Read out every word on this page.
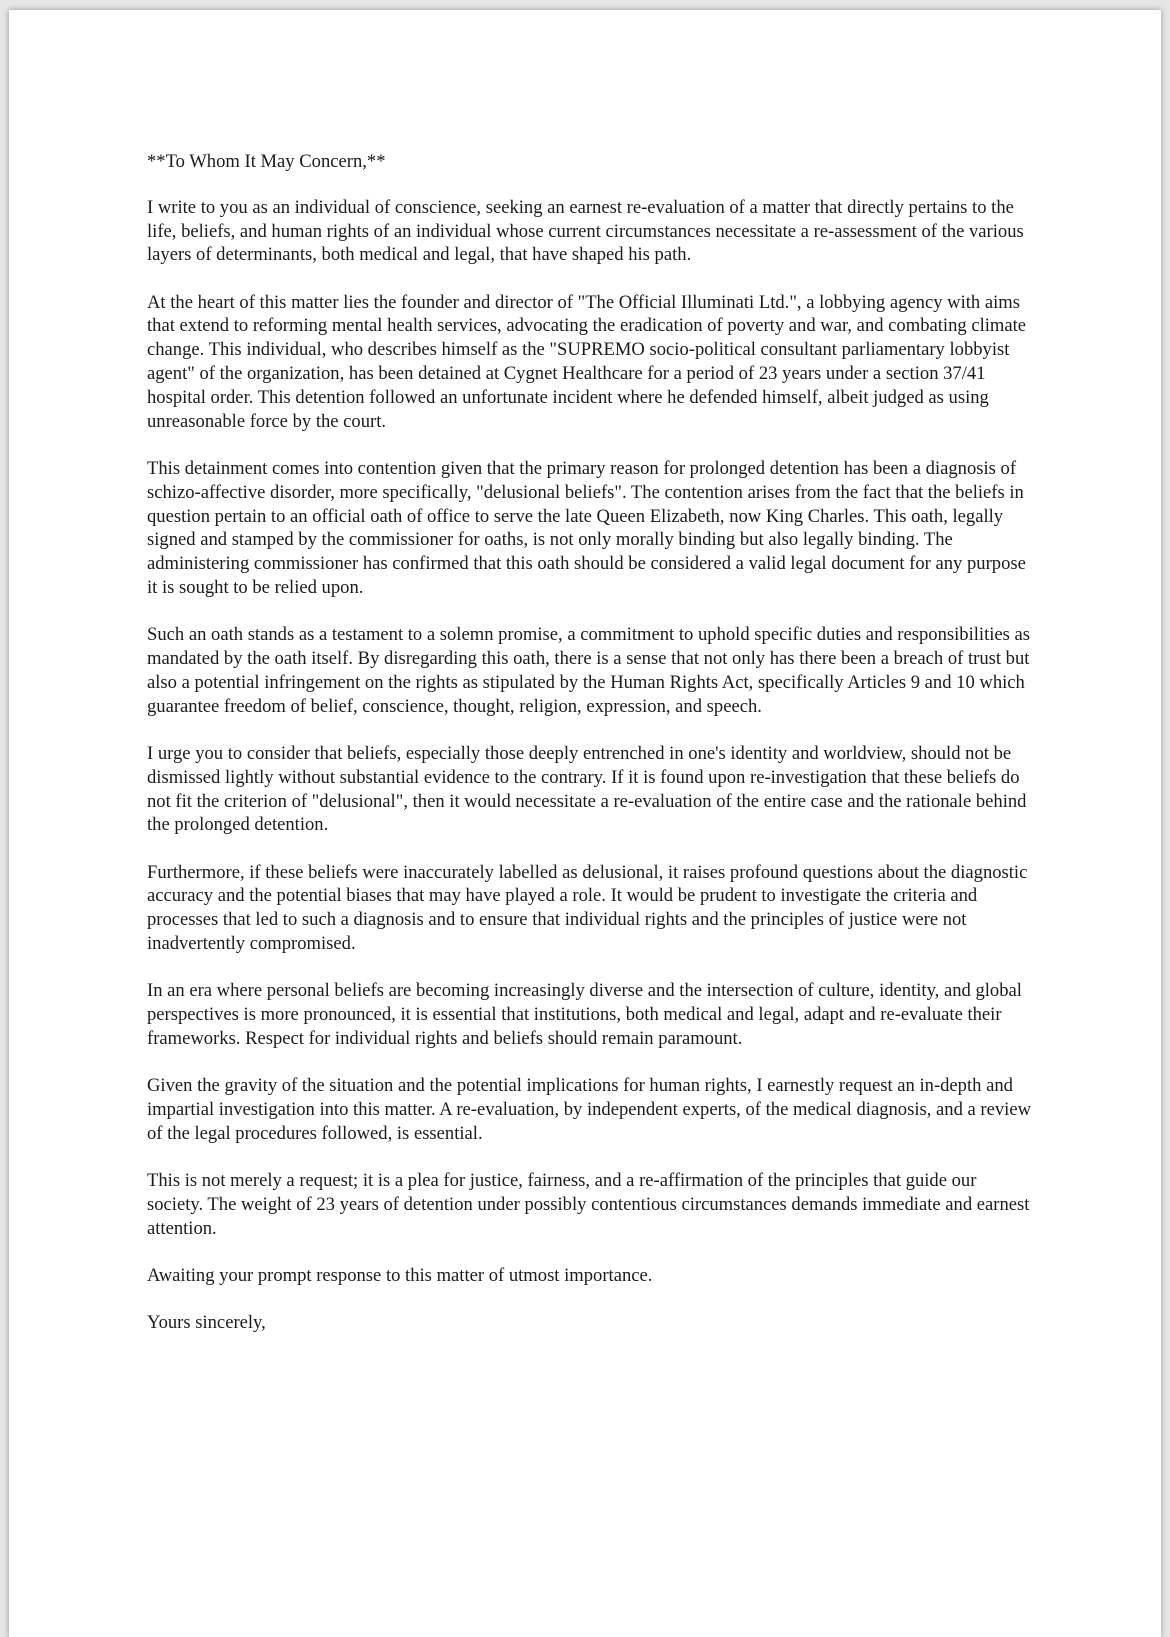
**To Whom It May Concern,**

I write to you as an individual of conscience, seeking an earnest re-evaluation of a matter that directly pertains to the life, beliefs, and human rights of an individual whose current circumstances necessitate a re-assessment of the various layers of determinants, both medical and legal, that have shaped his path.

At the heart of this matter lies the founder and director of "The Official Illuminati Ltd.", a lobbying agency with aims that extend to reforming mental health services, advocating the eradication of poverty and war, and combating climate change. This individual, who describes himself as the "SUPREMO socio-political consultant parliamentary lobbyist agent" of the organization, has been detained at Cygnet Healthcare for a period of 23 years under a section 37/41 hospital order. This detention followed an unfortunate incident where he defended himself, albeit judged as using unreasonable force by the court.

This detainment comes into contention given that the primary reason for prolonged detention has been a diagnosis of schizo-affective disorder, more specifically, "delusional beliefs". The contention arises from the fact that the beliefs in question pertain to an official oath of office to serve the late Queen Elizabeth, now King Charles. This oath, legally signed and stamped by the commissioner for oaths, is not only morally binding but also legally binding. The administering commissioner has confirmed that this oath should be considered a valid legal document for any purpose it is sought to be relied upon.

Such an oath stands as a testament to a solemn promise, a commitment to uphold specific duties and responsibilities as mandated by the oath itself. By disregarding this oath, there is a sense that not only has there been a breach of trust but also a potential infringement on the rights as stipulated by the Human Rights Act, specifically Articles 9 and 10 which guarantee freedom of belief, conscience, thought, religion, expression, and speech.

I urge you to consider that beliefs, especially those deeply entrenched in one's identity and worldview, should not be dismissed lightly without substantial evidence to the contrary. If it is found upon re-investigation that these beliefs do not fit the criterion of "delusional", then it would necessitate a re-evaluation of the entire case and the rationale behind the prolonged detention.

Furthermore, if these beliefs were inaccurately labelled as delusional, it raises profound questions about the diagnostic accuracy and the potential biases that may have played a role. It would be prudent to investigate the criteria and processes that led to such a diagnosis and to ensure that individual rights and the principles of justice were not inadvertently compromised.

In an era where personal beliefs are becoming increasingly diverse and the intersection of culture, identity, and global perspectives is more pronounced, it is essential that institutions, both medical and legal, adapt and re-evaluate their frameworks. Respect for individual rights and beliefs should remain paramount.

Given the gravity of the situation and the potential implications for human rights, I earnestly request an in-depth and impartial investigation into this matter. A re-evaluation, by independent experts, of the medical diagnosis, and a review of the legal procedures followed, is essential.

This is not merely a request; it is a plea for justice, fairness, and a re-affirmation of the principles that guide our society. The weight of 23 years of detention under possibly contentious circumstances demands immediate and earnest attention.

Awaiting your prompt response to this matter of utmost importance.

Yours sincerely,
